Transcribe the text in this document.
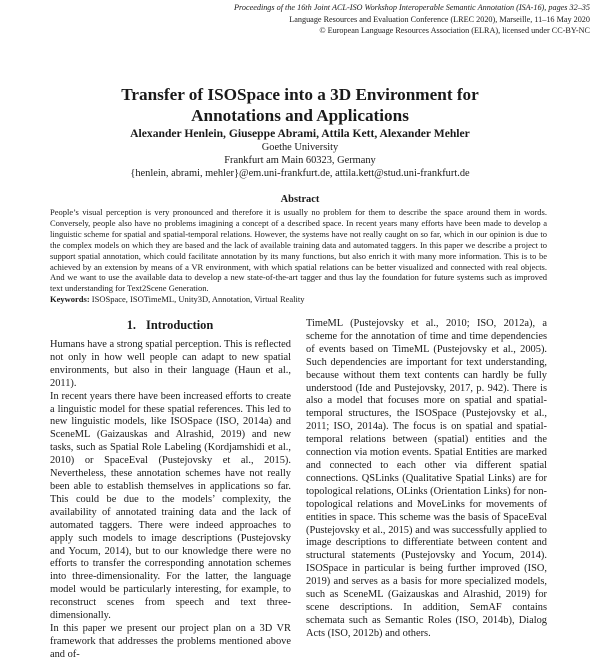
Proceedings of the 16th Joint ACL-ISO Workshop Interoperable Semantic Annotation (ISA-16), pages 32–35
Language Resources and Evaluation Conference (LREC 2020), Marseille, 11–16 May 2020
© European Language Resources Association (ELRA), licensed under CC-BY-NC
Transfer of ISOSpace into a 3D Environment for
Annotations and Applications
Alexander Henlein, Giuseppe Abrami, Attila Kett, Alexander Mehler
Goethe University
Frankfurt am Main 60323, Germany
{henlein, abrami, mehler}@em.uni-frankfurt.de, attila.kett@stud.uni-frankfurt.de
Abstract
People’s visual perception is very pronounced and therefore it is usually no problem for them to describe the space around them in words. Conversely, people also have no problems imagining a concept of a described space. In recent years many efforts have been made to develop a linguistic scheme for spatial and spatial-temporal relations. However, the systems have not really caught on so far, which in our opinion is due to the complex models on which they are based and the lack of available training data and automated taggers. In this paper we describe a project to support spatial annotation, which could facilitate annotation by its many functions, but also enrich it with many more information. This is to be achieved by an extension by means of a VR environment, with which spatial relations can be better visualized and connected with real objects. And we want to use the available data to develop a new state-of-the-art tagger and thus lay the foundation for future systems such as improved text understanding for Text2Scene Generation.
Keywords: ISOSpace, ISOTimeML, Unity3D, Annotation, Virtual Reality
1. Introduction

Humans have a strong spatial perception. This is reflected not only in how well people can adapt to new spatial environments, but also in their language (Haun et al., 2011).

In recent years there have been increased efforts to create a linguistic model for these spatial references. This led to new linguistic models, like ISOSpace (ISO, 2014a) and SceneML (Gaizauskas and Alrashid, 2019) and new tasks, such as Spatial Role Labeling (Kordjamshidi et al., 2010) or SpaceEval (Pustejovsky et al., 2015). Nevertheless, these annotation schemes have not really been able to establish themselves in applications so far. This could be due to the models’ complexity, the availability of annotated training data and the lack of automated taggers. There were indeed approaches to apply such models to image descriptions (Pustejovsky and Yocum, 2014), but to our knowledge there were no efforts to transfer the corresponding annotation schemes into three-dimensionality. For the latter, the language model would be particularly interesting, for example, to reconstruct scenes from speech and text three-dimensionally.

In this paper we present our project plan on a 3D VR framework that addresses the problems mentioned above and of-

TimeML (Pustejovsky et al., 2010; ISO, 2012a), a scheme for the annotation of time and time dependencies of events based on TimeML (Pustejovsky et al., 2005). Such dependencies are important for text understanding, because without them text contents can hardly be fully understood (Ide and Pustejovsky, 2017, p. 942). There is also a model that focuses more on spatial and spatial-temporal structures, the ISOSpace (Pustejovsky et al., 2011; ISO, 2014a). The focus is on spatial and spatial-temporal relations between (spatial) entities and the connection via motion events. Spatial Entities are marked and connected to each other via different spatial connections. QSLinks (Qualitative Spatial Links) are for topological relations, OLinks (Orientation Links) for non-topological relations and MoveLinks for movements of entities in space. This scheme was the basis of SpaceEval (Pustejovsky et al., 2015) and was successfully applied to image descriptions to differentiate between content and structural statements (Pustejovsky and Yocum, 2014). ISOSpace in particular is being further improved (ISO, 2019) and serves as a basis for more specialized models, such as SceneML (Gaizauskas and Alrashid, 2019) for scene descriptions. In addition, SemAF contains schemata such as Semantic Roles (ISO, 2014b), Dialog Acts (ISO, 2012b) and others.
